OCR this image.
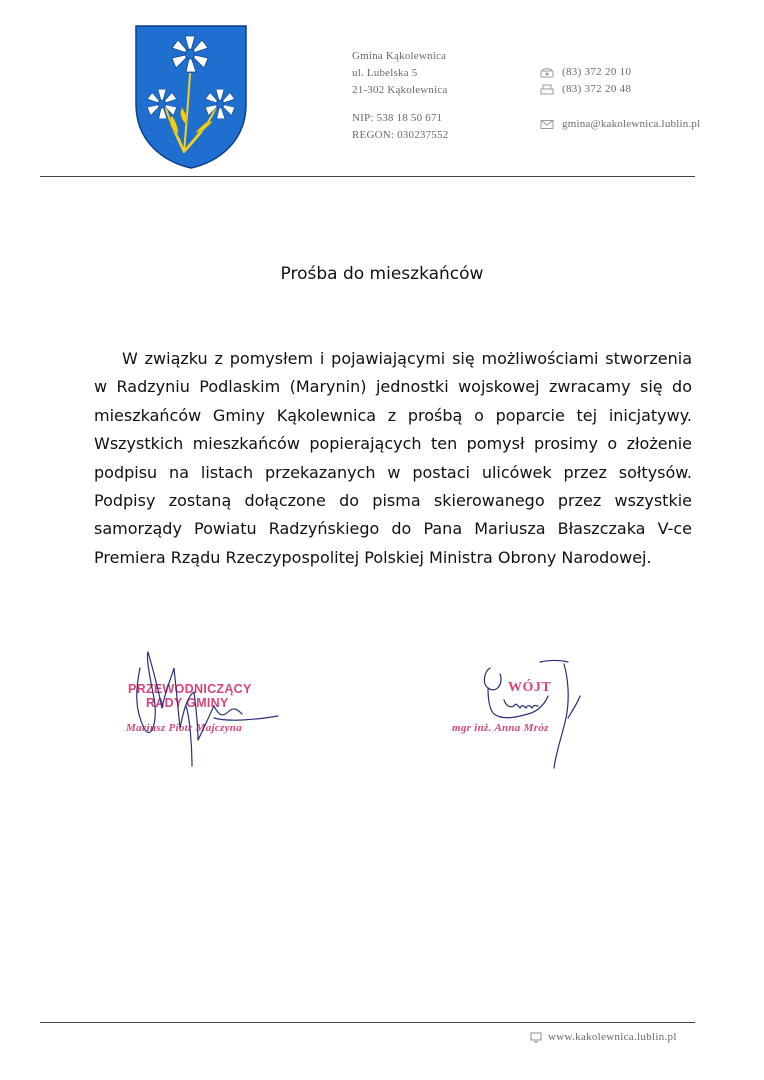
Gmina Kąkolewnica
ul. Lubelska 5
21-302 Kąkolewnica
NIP: 538 18 50 671
REGON: 030237552
(83) 372 20 10
(83) 372 20 48
gmina@kakolewnica.lublin.pl
Prośba do mieszkańców
W związku z pomysłem i pojawiającymi się możliwościami stworzenia w Radzyniu Podlaskim (Marynin) jednostki wojskowej zwracamy się do mieszkańców Gminy Kąkolewnica z prośbą o poparcie tej inicjatywy. Wszystkich mieszkańców popierających ten pomysł prosimy o złożenie podpisu na listach przekazanych w postaci ulicówek przez sołtysów. Podpisy zostaną dołączone do pisma skierowanego przez wszystkie samorządy Powiatu Radzyńskiego do Pana Mariusza Błaszczaka V-ce Premiera Rządu Rzeczypospolitej Polskiej Ministra Obrony Narodowej.
PRZEWODNICZĄCY
RADY GMINY
Mariusz Piotr Majczyna
WÓJT
mgr inż. Anna Mróz
www.kakolewnica.lublin.pl
